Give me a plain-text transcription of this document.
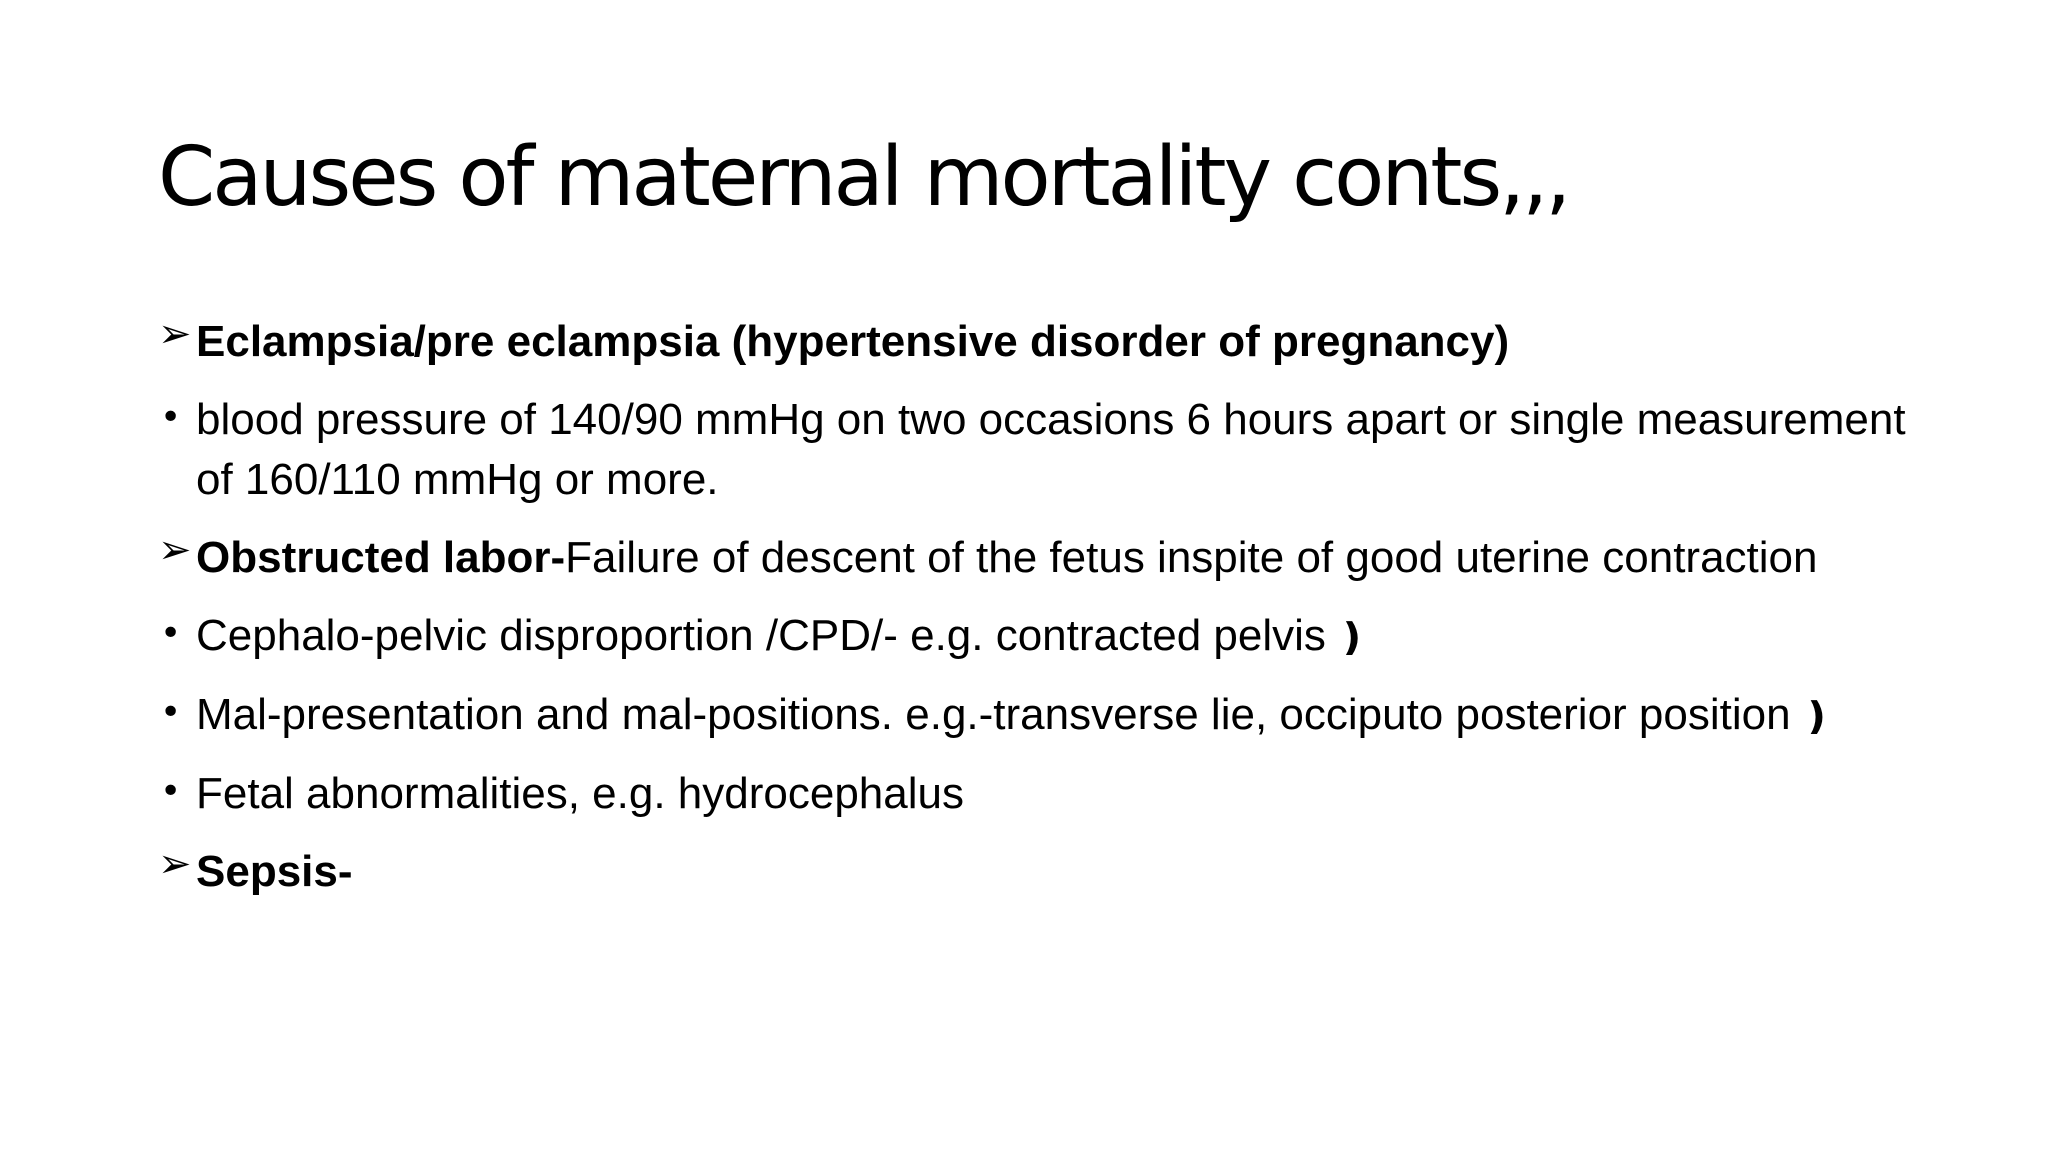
Causes of maternal mortality conts,,,
➢ Eclampsia/pre eclampsia (hypertensive disorder of pregnancy)
• blood pressure of 140/90 mmHg on two occasions 6 hours apart or single measurement of 160/110 mmHg or more.
➢ Obstructed labor-Failure of descent of the fetus inspite of good uterine contraction
• Cephalo-pelvic disproportion /CPD/- e.g. contracted pelvis ❫
• Mal-presentation and mal-positions. e.g.-transverse lie, occiputo posterior position ❫
• Fetal abnormalities, e.g. hydrocephalus
➢ Sepsis-
